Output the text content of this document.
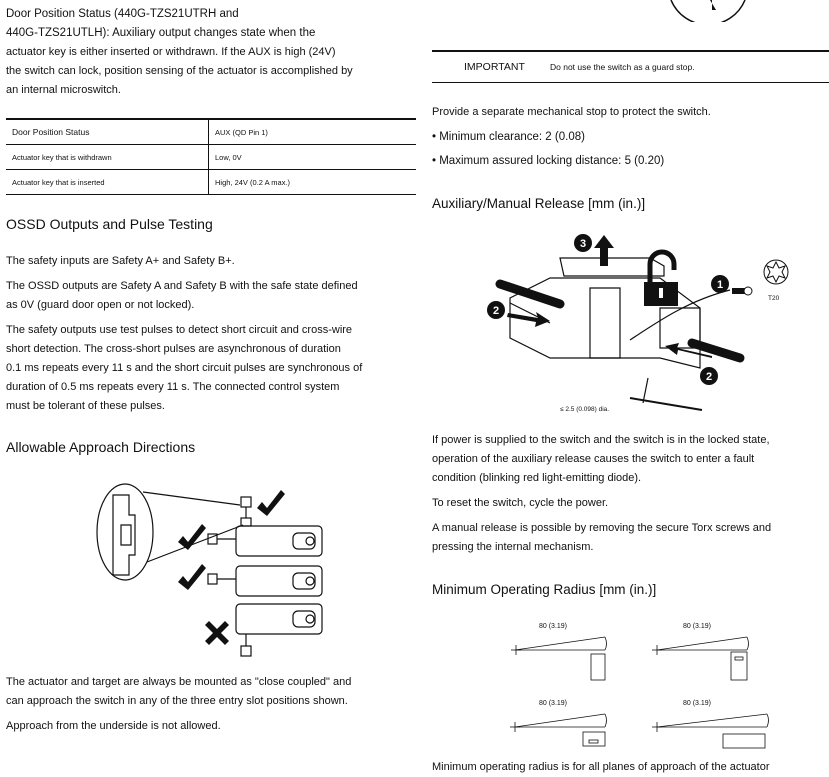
Door Position Status (440G-TZS21UTRH and

440G-TZS21UTLH): Auxiliary output changes state when the

actuator key is either inserted or withdrawn. If the AUX is high (24V)

the switch can lock, position sensing of the actuator is accomplished by

an internal microswitch.

Door Position Status	AUX (QD Pin 1)
Actuator key that is withdrawn	Low, 0V
Actuator key that is inserted	High, 24V (0.2 A max.)
OSSD Outputs and Pulse Testing

The safety inputs are Safety A+ and Safety B+.

The OSSD outputs are Safety A and Safety B with the safe state defined

as 0V (guard door open or not locked).

The safety outputs use test pulses to detect short circuit and cross-wire

short detection. The cross-short pulses are asynchronous of duration

0.1 ms repeats every 11 s and the short circuit pulses are synchronous of

duration of 0.5 ms repeats every 11 s. The connected control system

must be tolerant of these pulses.

Allowable Approach Directions

The actuator and target are always be mounted as "close coupled" and

can approach the switch in any of the three entry slot positions shown.

Approach from the underside is not allowed.

IMPORTANT	Do not use the switch as a guard stop.

Provide a separate mechanical stop to protect the switch.

• Minimum clearance: 2 (0.08)

• Maximum assured locking distance: 5 (0.20)

Auxiliary/Manual Release [mm (in.)]
3
2
2
1
T20
≤ 2.5 (0.098) dia.

If power is supplied to the switch and the switch is in the locked state,

operation of the auxiliary release causes the switch to enter a fault

condition (blinking red light-emitting diode).

To reset the switch, cycle the power.

A manual release is possible by removing the secure Torx screws and

pressing the internal mechanism.

Minimum Operating Radius [mm (in.)]
80 (3.19)	80 (3.19)
80 (3.19)	80 (3.19)

Minimum operating radius is for all planes of approach of the actuator
